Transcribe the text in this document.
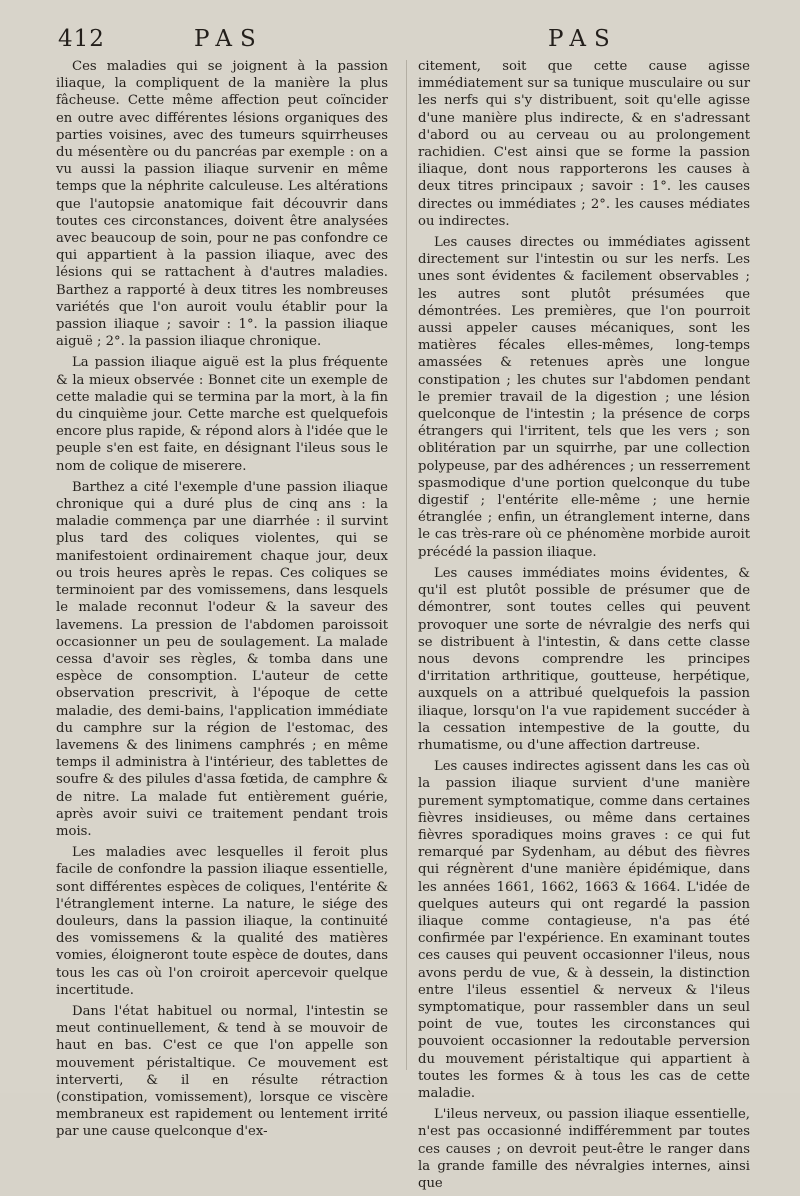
412	PAS	PAS

Ces maladies qui se joignent à la passion iliaque, la compliquent de la manière la plus fâcheuse. Cette même affection peut coïncider en outre avec différentes lésions organiques des parties voisines, avec des tumeurs squirrheuses du mésentère ou du pancréas par exemple : on a vu aussi la passion iliaque survenir en même temps que la néphrite calculeuse. Les altérations que l'autopsie anatomique fait découvrir dans toutes ces circonstances, doivent être analysées avec beaucoup de soin, pour ne pas confondre ce qui appartient à la passion iliaque, avec des lésions qui se rattachent à d'autres maladies. Barthez a rapporté à deux titres les nombreuses variétés que l'on auroit voulu établir pour la passion iliaque ; savoir : 1°. la passion iliaque aiguë ; 2°. la passion iliaque chronique.

La passion iliaque aiguë est la plus fréquente & la mieux observée : Bonnet cite un exemple de cette maladie qui se termina par la mort, à la fin du cinquième jour. Cette marche est quelquefois encore plus rapide, & répond alors à l'idée que le peuple s'en est faite, en désignant l'ileus sous le nom de colique de miserere.

Barthez a cité l'exemple d'une passion iliaque chronique qui a duré plus de cinq ans : la maladie commença par une diarrhée : il survint plus tard des coliques violentes, qui se manifestoient ordinairement chaque jour, deux ou trois heures après le repas. Ces coliques se terminoient par des vomissemens, dans lesquels le malade reconnut l'odeur & la saveur des lavemens. La pression de l'abdomen paroissoit occasionner un peu de soulagement. La malade cessa d'avoir ses règles, & tomba dans une espèce de consomption. L'auteur de cette observation prescrivit, à l'époque de cette maladie, des demi-bains, l'application immédiate du camphre sur la région de l'estomac, des lavemens & des linimens camphrés ; en même temps il administra à l'intérieur, des tablettes de soufre & des pilules d'assa fœtida, de camphre & de nitre. La malade fut entièrement guérie, après avoir suivi ce traitement pendant trois mois.

Les maladies avec lesquelles il feroit plus facile de confondre la passion iliaque essentielle, sont différentes espèces de coliques, l'entérite & l'étranglement interne. La nature, le siége des douleurs, dans la passion iliaque, la continuité des vomissemens & la qualité des matières vomies, éloigneront toute espèce de doutes, dans tous les cas où l'on croiroit apercevoir quelque incertitude.

Dans l'état habituel ou normal, l'intestin se meut continuellement, & tend à se mouvoir de haut en bas. C'est ce que l'on appelle son mouvement péristaltique. Ce mouvement est interverti, & il en résulte rétraction (constipation, vomissement), lorsque ce viscère membraneux est rapidement ou lentement irrité par une cause quelconque d'ex-

citement, soit que cette cause agisse immédiatement sur sa tunique musculaire ou sur les nerfs qui s'y distribuent, soit qu'elle agisse d'une manière plus indirecte, & en s'adressant d'abord ou au cerveau ou au prolongement rachidien. C'est ainsi que se forme la passion iliaque, dont nous rapporterons les causes à deux titres principaux ; savoir : 1°. les causes directes ou immédiates ; 2°. les causes médiates ou indirectes.

Les causes directes ou immédiates agissent directement sur l'intestin ou sur les nerfs. Les unes sont évidentes & facilement observables ; les autres sont plutôt présumées que démontrées. Les premières, que l'on pourroit aussi appeler causes mécaniques, sont les matières fécales elles-mêmes, long-temps amassées & retenues après une longue constipation ; les chutes sur l'abdomen pendant le premier travail de la digestion ; une lésion quelconque de l'intestin ; la présence de corps étrangers qui l'irritent, tels que les vers ; son oblitération par un squirrhe, par une collection polypeuse, par des adhérences ; un resserrement spasmodique d'une portion quelconque du tube digestif ; l'entérite elle-même ; une hernie étranglée ; enfin, un étranglement interne, dans le cas très-rare où ce phénomène morbide auroit précédé la passion iliaque.

Les causes immédiates moins évidentes, & qu'il est plutôt possible de présumer que de démontrer, sont toutes celles qui peuvent provoquer une sorte de névralgie des nerfs qui se distribuent à l'intestin, & dans cette classe nous devons comprendre les principes d'irritation arthritique, goutteuse, herpétique, auxquels on a attribué quelquefois la passion iliaque, lorsqu'on l'a vue rapidement succéder à la cessation intempestive de la goutte, du rhumatisme, ou d'une affection dartreuse.

Les causes indirectes agissent dans les cas où la passion iliaque survient d'une manière purement symptomatique, comme dans certaines fièvres insidieuses, ou même dans certaines fièvres sporadiques moins graves : ce qui fut remarqué par Sydenham, au début des fièvres qui régnèrent d'une manière épidémique, dans les années 1661, 1662, 1663 & 1664. L'idée de quelques auteurs qui ont regardé la passion iliaque comme contagieuse, n'a pas été confirmée par l'expérience. En examinant toutes ces causes qui peuvent occasionner l'ileus, nous avons perdu de vue, & à dessein, la distinction entre l'ileus essentiel & nerveux & l'ileus symptomatique, pour rassembler dans un seul point de vue, toutes les circonstances qui pouvoient occasionner la redoutable perversion du mouvement péristaltique qui appartient à toutes les formes & à tous les cas de cette maladie.

L'ileus nerveux, ou passion iliaque essentielle, n'est pas occasionné indifféremment par toutes ces causes ; on devroit peut-être le ranger dans la grande famille des névralgies internes, ainsi que
